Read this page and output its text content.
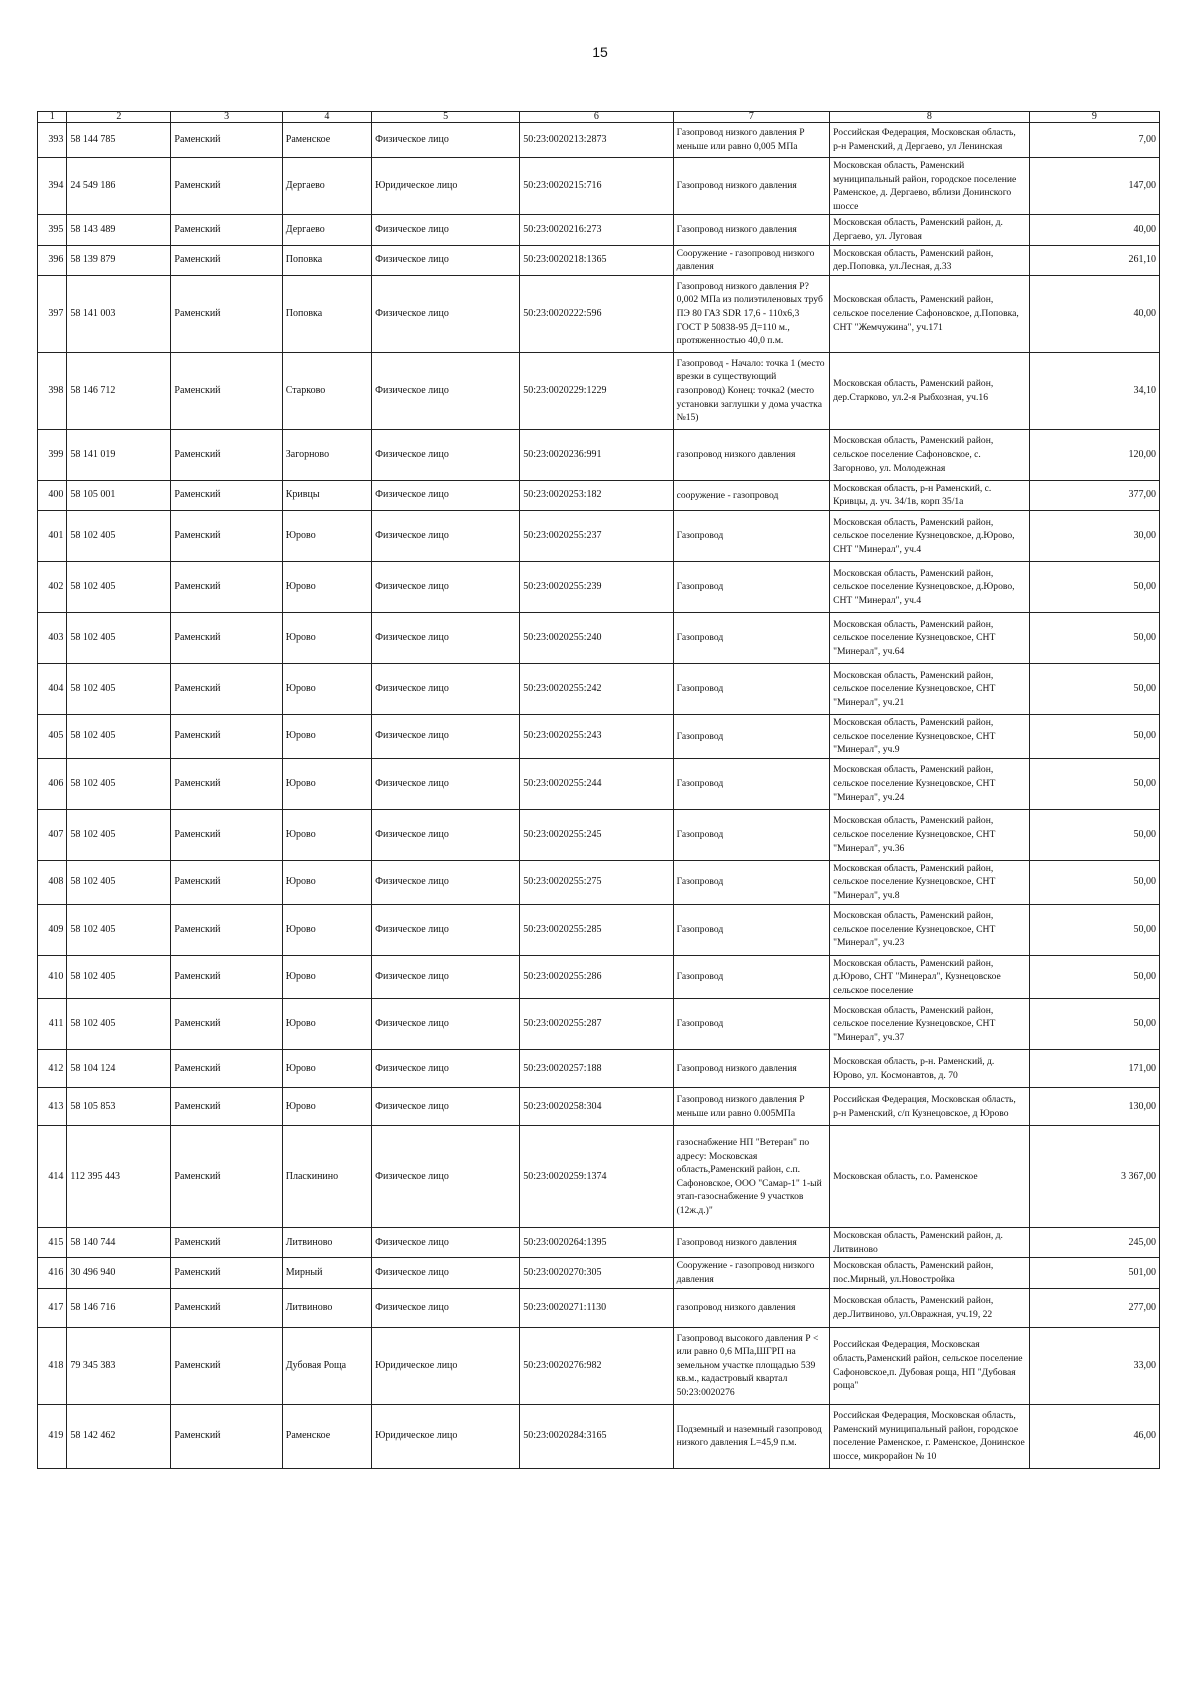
15
1	2	3	4	5	6	7	8	9
393	58 144 785	Раменский	Раменское	Физическое лицо	50:23:0020213:2873	Газопровод низкого давления Р меньше или равно 0,005 МПа	Российская Федерация, Московская область, р-н Раменский, д Дергаево, ул Ленинская	7,00
394	24 549 186	Раменский	Дергаево	Юридическое лицо	50:23:0020215:716	Газопровод низкого давления	Московская область, Раменский муниципальный район, городское поселение Раменское, д. Дергаево, вблизи Донинского шоссе	147,00
395	58 143 489	Раменский	Дергаево	Физическое лицо	50:23:0020216:273	Газопровод низкого давления	Московская область, Раменский район, д. Дергаево, ул. Луговая	40,00
396	58 139 879	Раменский	Поповка	Физическое лицо	50:23:0020218:1365	Сооружение - газопровод низкого давления	Московская область, Раменский район, дер.Поповка, ул.Лесная, д.33	261,10
397	58 141 003	Раменский	Поповка	Физическое лицо	50:23:0020222:596	Газопровод низкого давления Р?0,002 МПа из полиэтиленовых труб ПЭ 80 ГАЗ SDR 17,6 - 110х6,3 ГОСТ Р 50838-95 Д=110 м., протяженностью 40,0 п.м.	Московская область, Раменский район, сельское поселение Сафоновское, д.Поповка, СНТ "Жемчужина", уч.171	40,00
398	58 146 712	Раменский	Старково	Физическое лицо	50:23:0020229:1229	Газопровод - Начало: точка 1 (место врезки в существующий газопровод) Конец: точка2 (место установки заглушки у дома участка №15)	Московская область, Раменский район, дер.Старково, ул.2-я Рыбхозная, уч.16	34,10
399	58 141 019	Раменский	Загорново	Физическое лицо	50:23:0020236:991	газопровод низкого давления	Московская область, Раменский район, сельское поселение Сафоновское, с. Загорново, ул. Молодежная	120,00
400	58 105 001	Раменский	Кривцы	Физическое лицо	50:23:0020253:182	сооружение - газопровод	Московская область, р-н Раменский, с. Кривцы, д. уч. 34/1в, корп 35/1а	377,00
401	58 102 405	Раменский	Юрово	Физическое лицо	50:23:0020255:237	Газопровод	Московская область, Раменский район, сельское поселение Кузнецовское, д.Юрово, СНТ "Минерал", уч.4	30,00
402	58 102 405	Раменский	Юрово	Физическое лицо	50:23:0020255:239	Газопровод	Московская область, Раменский район, сельское поселение Кузнецовское, д.Юрово, СНТ "Минерал", уч.4	50,00
403	58 102 405	Раменский	Юрово	Физическое лицо	50:23:0020255:240	Газопровод	Московская область, Раменский район, сельское поселение Кузнецовское, СНТ "Минерал", уч.64	50,00
404	58 102 405	Раменский	Юрово	Физическое лицо	50:23:0020255:242	Газопровод	Московская область, Раменский район, сельское поселение Кузнецовское, СНТ "Минерал", уч.21	50,00
405	58 102 405	Раменский	Юрово	Физическое лицо	50:23:0020255:243	Газопровод	Московская область, Раменский район, сельское поселение Кузнецовское, СНТ "Минерал", уч.9	50,00
406	58 102 405	Раменский	Юрово	Физическое лицо	50:23:0020255:244	Газопровод	Московская область, Раменский район, сельское поселение Кузнецовское, СНТ "Минерал", уч.24	50,00
407	58 102 405	Раменский	Юрово	Физическое лицо	50:23:0020255:245	Газопровод	Московская область, Раменский район, сельское поселение Кузнецовское, СНТ "Минерал", уч.36	50,00
408	58 102 405	Раменский	Юрово	Физическое лицо	50:23:0020255:275	Газопровод	Московская область, Раменский район, сельское поселение Кузнецовское, СНТ "Минерал", уч.8	50,00
409	58 102 405	Раменский	Юрово	Физическое лицо	50:23:0020255:285	Газопровод	Московская область, Раменский район, сельское поселение Кузнецовское, СНТ "Минерал", уч.23	50,00
410	58 102 405	Раменский	Юрово	Физическое лицо	50:23:0020255:286	Газопровод	Московская область, Раменский район, д.Юрово, СНТ "Минерал", Кузнецовское сельское поселение	50,00
411	58 102 405	Раменский	Юрово	Физическое лицо	50:23:0020255:287	Газопровод	Московская область, Раменский район, сельское поселение Кузнецовское, СНТ "Минерал", уч.37	50,00
412	58 104 124	Раменский	Юрово	Физическое лицо	50:23:0020257:188	Газопровод низкого давления	Московская область, р-н. Раменский, д. Юрово, ул. Космонавтов, д. 70	171,00
413	58 105 853	Раменский	Юрово	Физическое лицо	50:23:0020258:304	Газопровод низкого давления Р меньше или равно 0.005МПа	Российская Федерация, Московская область, р-н Раменский, с/п Кузнецовское, д Юрово	130,00
414	112 395 443	Раменский	Пласкинино	Физическое лицо	50:23:0020259:1374	газоснабжение НП "Ветеран" по адресу: Московская область,Раменский район, с.п. Сафоновское, ООО "Самар-1" 1-ый этап-газоснабжение 9 участков (12ж.д.)"	Московская область, г.о. Раменское	3 367,00
415	58 140 744	Раменский	Литвиново	Физическое лицо	50:23:0020264:1395	Газопровод низкого давления	Московская область, Раменский район, д. Литвиново	245,00
416	30 496 940	Раменский	Мирный	Физическое лицо	50:23:0020270:305	Сооружение - газопровод низкого давления	Московская область, Раменский район, пос.Мирный, ул.Новостройка	501,00
417	58 146 716	Раменский	Литвиново	Физическое лицо	50:23:0020271:1130	газопровод низкого давления	Московская область, Раменский район, дер.Литвиново, ул.Овражная, уч.19, 22	277,00
418	79 345 383	Раменский	Дубовая Роща	Юридическое лицо	50:23:0020276:982	Газопровод высокого давления Р < или равно 0,6 МПа,ШГРП на земельном участке площадью 539 кв.м., кадастровый квартал 50:23:0020276	Российская Федерация, Московская область,Раменский район, сельское поселение Сафоновское,п. Дубовая роща, НП "Дубовая роща"	33,00
419	58 142 462	Раменский	Раменское	Юридическое лицо	50:23:0020284:3165	Подземный и наземный газопровод низкого давления L=45,9 п.м.	Российская Федерация, Московская область, Раменский муниципальный район, городское поселение Раменское, г. Раменское, Донинское шоссе, микрорайон № 10	46,00
